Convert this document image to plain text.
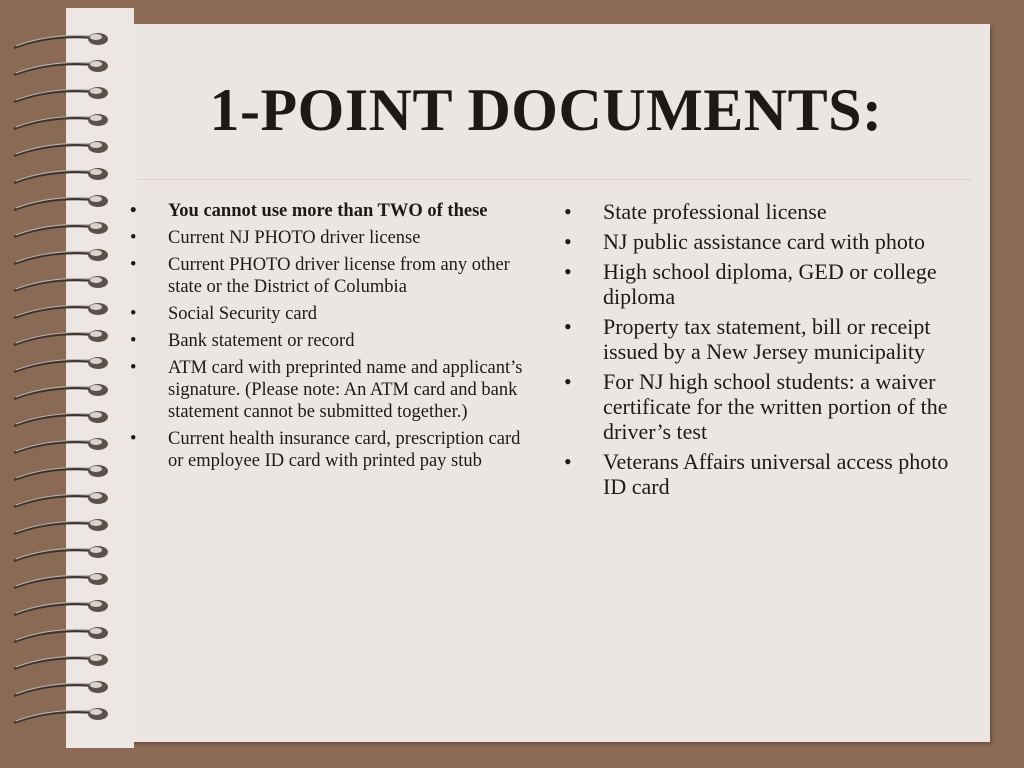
1-POINT DOCUMENTS:
• You cannot use more than TWO of these
• Current NJ PHOTO driver license
• Current PHOTO driver license from any other state or the District of Columbia
• Social Security card
• Bank statement or record
• ATM card with preprinted name and applicant’s signature. (Please note: An ATM card and bank statement cannot be submitted together.)
• Current health insurance card, prescription card or employee ID card with printed pay stub
• State professional license
• NJ public assistance card with photo
• High school diploma, GED or college diploma
• Property tax statement, bill or receipt issued by a New Jersey municipality
• For NJ high school students: a waiver certificate for the written portion of the driver’s test
• Veterans Affairs universal access photo ID card
